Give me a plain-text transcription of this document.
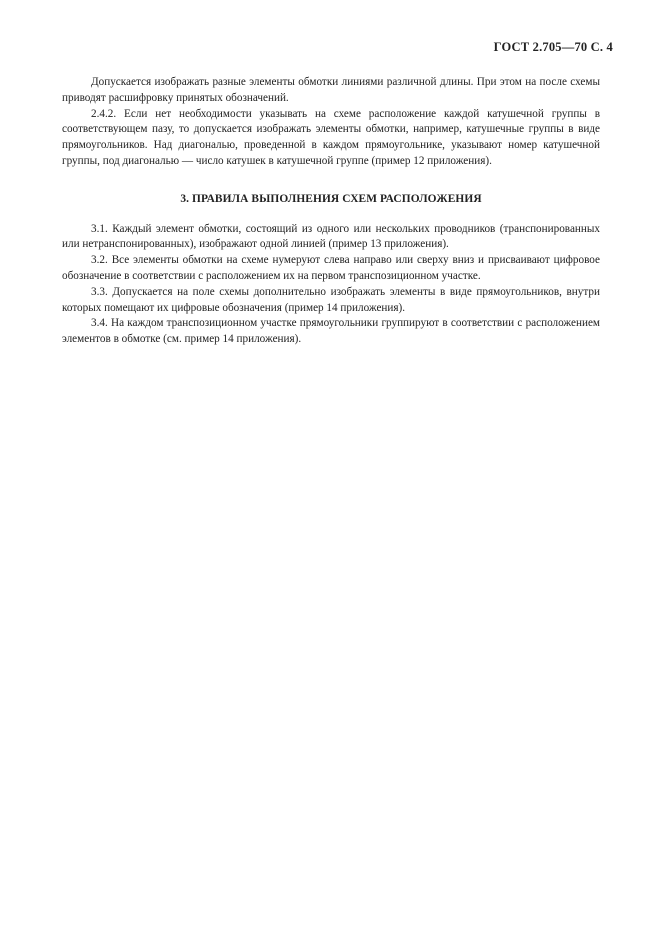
ГОСТ 2.705—70 С. 4

Допускается изображать разные элементы обмотки линиями различной длины. При этом на после схемы приводят расшифровку принятых обозначений.

2.4.2. Если нет необходимости указывать на схеме расположение каждой катушечной группы в соответствующем пазу, то допускается изображать элементы обмотки, например, катушечные группы в виде прямоугольников. Над диагональю, проведенной в каждом прямоугольнике, указывают номер катушечной группы, под диагональю — число катушек в катушечной группе (пример 12 приложения).

3. ПРАВИЛА ВЫПОЛНЕНИЯ СХЕМ РАСПОЛОЖЕНИЯ

3.1. Каждый элемент обмотки, состоящий из одного или нескольких проводников (транспонированных или нетранспонированных), изображают одной линией (пример 13 приложения).

3.2. Все элементы обмотки на схеме нумеруют слева направо или сверху вниз и присваивают цифровое обозначение в соответствии с расположением их на первом транспозиционном участке.

3.3. Допускается на поле схемы дополнительно изображать элементы в виде прямоугольников, внутри которых помещают их цифровые обозначения (пример 14 приложения).

3.4. На каждом транспозиционном участке прямоугольники группируют в соответствии с расположением элементов в обмотке (см. пример 14 приложения).
